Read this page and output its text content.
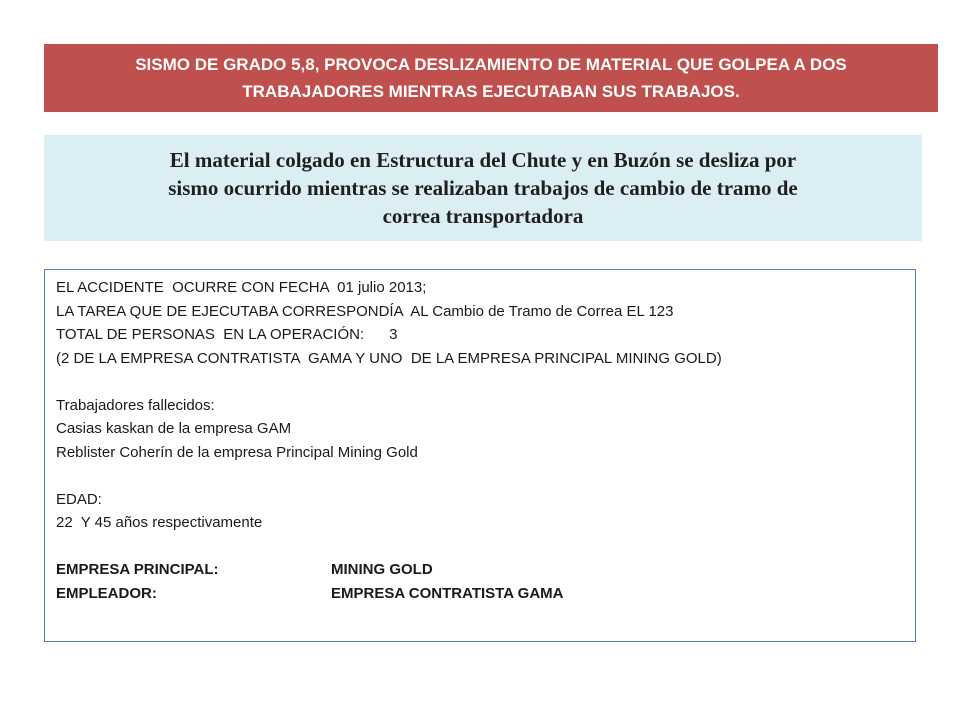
SISMO DE GRADO 5,8, PROVOCA DESLIZAMIENTO DE MATERIAL QUE GOLPEA A DOS
TRABAJADORES MIENTRAS EJECUTABAN SUS TRABAJOS.
El material colgado en Estructura del Chute y en Buzón se desliza por
sismo ocurrido mientras se realizaban trabajos de cambio de tramo de
correa transportadora
EL ACCIDENTE  OCURRE CON FECHA  01 julio 2013;
LA TAREA QUE DE EJECUTABA CORRESPONDÍA  AL Cambio de Tramo de Correa EL 123
TOTAL DE PERSONAS  EN LA OPERACIÓN:      3
(2 DE LA EMPRESA CONTRATISTA  GAMA Y UNO  DE LA EMPRESA PRINCIPAL MINING GOLD)
Trabajadores fallecidos:
Casias kaskan de la empresa GAM
Reblister Coherín de la empresa Principal Mining Gold
EDAD:
22  Y 45 años respectivamente
EMPRESA PRINCIPAL:	MINING GOLD
EMPLEADOR:	EMPRESA CONTRATISTA GAMA
